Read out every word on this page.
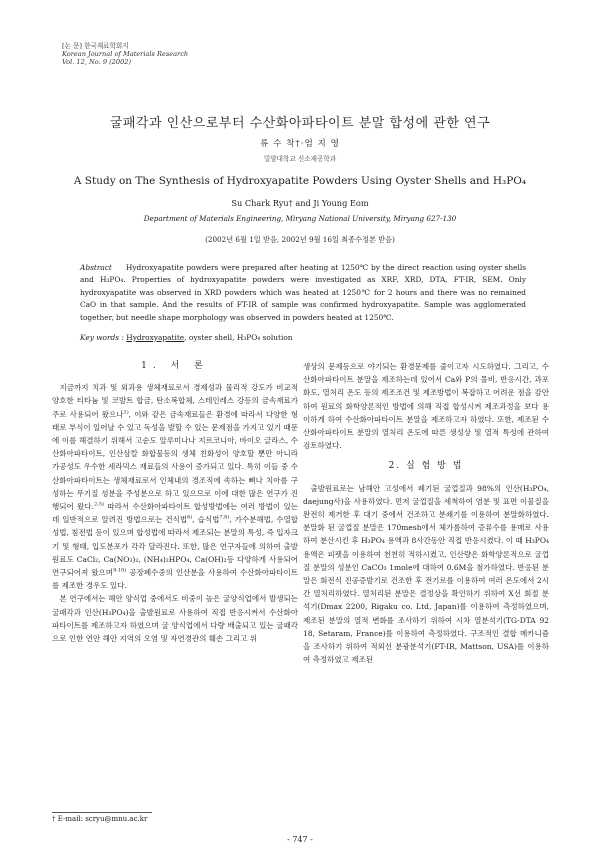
[논 문] 한국재료학회지
Korean Journal of Materials Research
Vol. 12, No. 9 (2002)
굴패각과 인산으로부터 수산화아파타이트 분말 합성에 관한 연구
류 수 착†·엄 지 영
밀양대학교 신소재공학과
A Study on The Synthesis of Hydroxyapatite Powders Using Oyster Shells and H₃PO₄
Su Chark Ryu† and Ji Young Eom
Department of Materials Engineering, Miryang National University, Miryang 627-130
(2002년 6월 1일 받음, 2002년 9월 16일 최종수정본 받음)
Abstract Hydroxyapatite powders were prepared after heating at 1250℃ by the direct reaction using oyster shells and H₃PO₄. Properties of hydroxyapatite powders were investigated as XRF, XRD, DTA, FT-IR, SEM. Only hydroxyapatite was observed in XRD powders which was heated at 1250℃ for 2 hours and there was no remained CaO in that sample. And the results of FT-IR of sample was confirmed hydroxyapatite. Sample was agglomerated together, but needle shape morphology was observed in powders heated at 1250℃.
Key words : Hydroxyapatite, oyster shell, H₃PO₄ solution
1. 서 론

지금까지 치과 및 외과용 생체재료로서 경제성과 물리적 강도가 비교적 양호한 티타늄 및 코발트 합금, 탄소복합체, 스테인레스 강등의 금속재료가 주로 사용되어 왔으나$^{1)}$, 이와 같은 금속재료들은 환경에 따라서 다양한 형태로 부식이 일어날 수 있고 독성을 발할 수 있는 문제점을 가지고 있기 때문에 이를 해결하기 위해서 고순도 알루미나나 지르코니아, 바이오 글라스, 수산화아파타이트, 인산삼칼 화합물등의 생체 친화성이 양호할 뿐만 아니라 가공성도 우수한 세라믹스 재료들의 사용이 증가되고 있다. 특히 이들 중 수산화아파타이트는 생체재료로서 인체내의 경조직에 속하는 뼈나 치아를 구성하는 무기질 성분을 주성분으로 하고 있으므로 이에 대한 많은 연구가 진행되어 왔다.$^{2-5)}$ 따라서 수산화아파타이트 합성방법에는 여러 방법이 있는데 일반적으로 알려진 방법으로는 건식법$^{6)}$, 습식법$^{7,8)}$, 가수분해법, 수열합성법, 침전법 등이 있으며 합성법에 따라서 제조되는 분말의 특성, 즉 입자크기 및 형태, 입도분포가 각각 달라진다. 또한, 많은 연구자들에 의하여 출발원료도 CaCl₂, Ca(NO₃)₂, (NH₄)₂HPO₄, Ca(OH)₂등 다양하게 사용되어 연구되어져 왔으며$^{9-10)}$ 공장폐수중의 인산분을 사용하여 수산화아파타이트를 제조한 경우도 있다.

본 연구에서는 해안 양식업 중에서도 비중이 높은 굴양식업에서 발생되는 굴패각과 인산(H₃PO₄)을 출발원료로 사용하여 직접 반응시켜서 수산화아파타이트를 제조하고자 하였으며 굴 양식업에서 다량 배출되고 있는 굴패각으로 인한 연안 해안 지역의 오염 및 자연경관의 훼손 그리고 위

생상의 문제등으로 야기되는 환경문제를 줄이고자 시도하였다. 그리고, 수산화아파타이트 분말을 제조하는데 있어서 Ca와 P의 몰비, 반응시간, 과포화도, 열처리 온도 등의 제조조건 및 제조방법이 복잡하고 어려운 점을 감안하여 원료의 화학양론적인 방법에 의해 직접 합성시켜 제조과정을 보다 용이하게 하여 수산화아파타이트 분말을 제조하고자 하였다. 또한, 제조된 수산화아파타이트 분말의 열처리 온도에 따른 생성상 및 열적 특성에 관하여 검토하였다.

2. 실 험 방 법

출발원료로는 남해안 고성에서 폐기된 굴껍질과 98%의 인산(H₃PO₄, daejung사)을 사용하였다. 먼저 굴껍질을 세척하여 염분 및 표면 이물질을 완전히 제거한 후 대기 중에서 건조하고 분쇄기를 이용하여 분말화하였다. 분말화 된 굴껍질 분말은 170mesh에서 체가름하여 증류수를 용매로 사용하여 분산시킨 후 H₃PO₄ 용액과 8사간동안 직접 반응시켰다. 이 때 H₃PO₄ 용액은 피펫을 이용하여 천천히 적하시켰고, 인산량은 화학양론적으로 굴껍질 분말의 성분인 CaCO₃ 1mole에 대하여 0.6M을 첨가하였다. 반응된 분말은 회전식 진공증발기로 건조한 후 전기로를 이용하여 여러 온도에서 2시간 열처리하였다. 열처리된 분말은 결정상을 확인하기 위하여 X선 회절 분석기(Dmax 2200, Rigaku co. Ltd, Japan)를 이용하여 측정하였으며, 제조된 분말의 열적 변화를 조사하기 위하여 시차 열분석기(TG-DTA 92 18, Setaram, France)를 이용하여 측정하였다. 구조적인 결합 메카니즘을 조사하기 위하여 적외선 분광분석기(FT-IR, Mattson, USA)를 이용하여 측정하였고 제조된

† E-mail: scryu@mnu.ac.kr
- 747 -
